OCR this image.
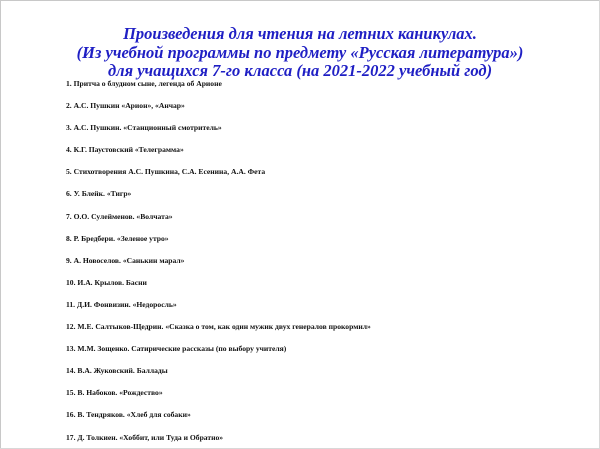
Произведения для чтения на летних каникулах.
(Из учебной программы по предмету «Русская литература»)
для учащихся 7-го класса (на 2021-2022 учебный год)
1. Притча о блудном сыне, легенда об Арионе
2. А.С. Пушкин «Арион», «Анчар»
3. А.С. Пушкин. «Станционный смотритель»
4. К.Г. Паустовский «Телеграмма»
5. Стихотворения А.С. Пушкина, С.А. Есенина, А.А. Фета
6. У. Блейк. «Тигр»
7. О.О. Сулейменов. «Волчата»
8. Р. Бредбери. «Зеленое утро»
9. А. Новоселов. «Санькин марал»
10. И.А. Крылов. Басни
11. Д.И. Фонвизин. «Недоросль»
12. М.Е. Салтыков-Щедрин. «Сказка о том, как один мужик двух генералов прокормил»
13. М.М. Зощенко. Сатирические рассказы (по выбору учителя)
14. В.А. Жуковский. Баллады
15. В. Набоков. «Рождество»
16. В. Тендряков. «Хлеб для собаки»
17. Д. Толкиен. «Хоббит, или Туда и Обратно»
